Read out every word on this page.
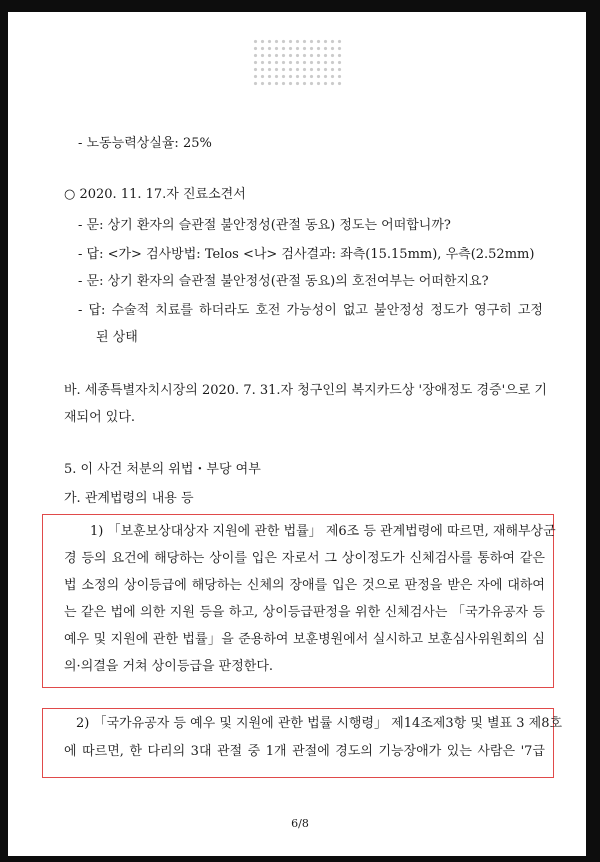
- 노동능력상실율: 25%
○ 2020. 11. 17.자 진료소견서
- 문: 상기 환자의 슬관절 불안정성(관절 동요) 정도는 어떠합니까?
- 답: <가> 검사방법: Telos <나> 검사결과: 좌측(15.15mm), 우측(2.52mm)
- 문: 상기 환자의 슬관절 불안정성(관절 동요)의 호전여부는 어떠한지요?
- 답: 수술적 치료를 하더라도 호전 가능성이 없고 불안정성 정도가 영구히 고정
된 상태
바. 세종특별자치시장의 2020. 7. 31.자 청구인의 복지카드상 '장애정도 경증'으로 기
재되어 있다.
5. 이 사건 처분의 위법・부당 여부
가. 관계법령의 내용 등
1) 「보훈보상대상자 지원에 관한 법률」 제6조 등 관계법령에 따르면, 재해부상군
경 등의 요건에 해당하는 상이를 입은 자로서 그 상이정도가 신체검사를 통하여 같은
법 소정의 상이등급에 해당하는 신체의 장애를 입은 것으로 판정을 받은 자에 대하여
는 같은 법에 의한 지원 등을 하고, 상이등급판정을 위한 신체검사는 「국가유공자 등
예우 및 지원에 관한 법률」을 준용하여 보훈병원에서 실시하고 보훈심사위원회의 심
의·의결을 거쳐 상이등급을 판정한다.
2) 「국가유공자 등 예우 및 지원에 관한 법률 시행령」 제14조제3항 및 별표 3 제8호
에 따르면, 한 다리의 3대 관절 중 1개 관절에 경도의 기능장애가 있는 사람은 '7급
6/8
